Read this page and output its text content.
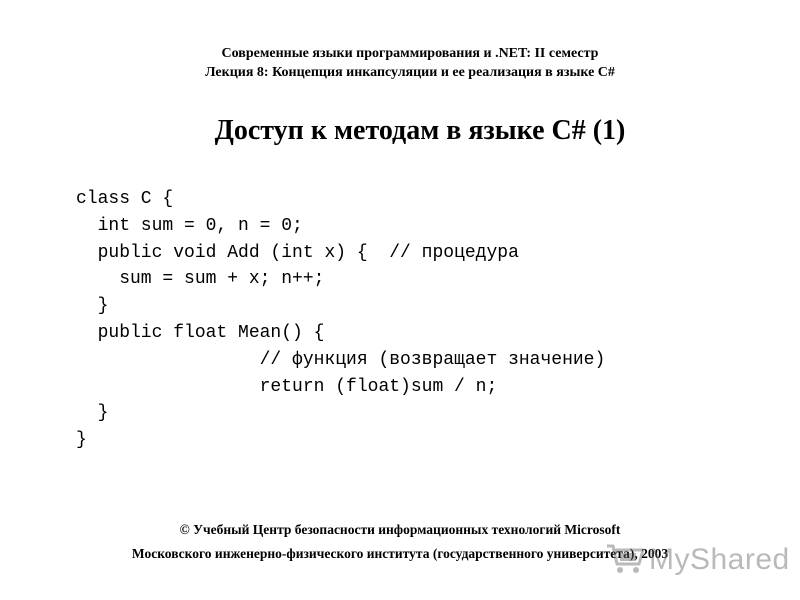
Современные языки программирования и .NET: II семестр
Лекция 8: Концепция инкапсуляции и ее реализация в языке C#
Доступ к методам в языке C# (1)
class C {
int sum = 0, n = 0;
public void Add (int x) {  // процедура
sum = sum + x; n++;
}
public float Mean() {
// функция (возвращает значение)
return (float)sum / n;
}
}
© Учебный Центр безопасности информационных технологий Microsoft
Московского инженерно-физического института (государственного университета), 2003
MyShared
